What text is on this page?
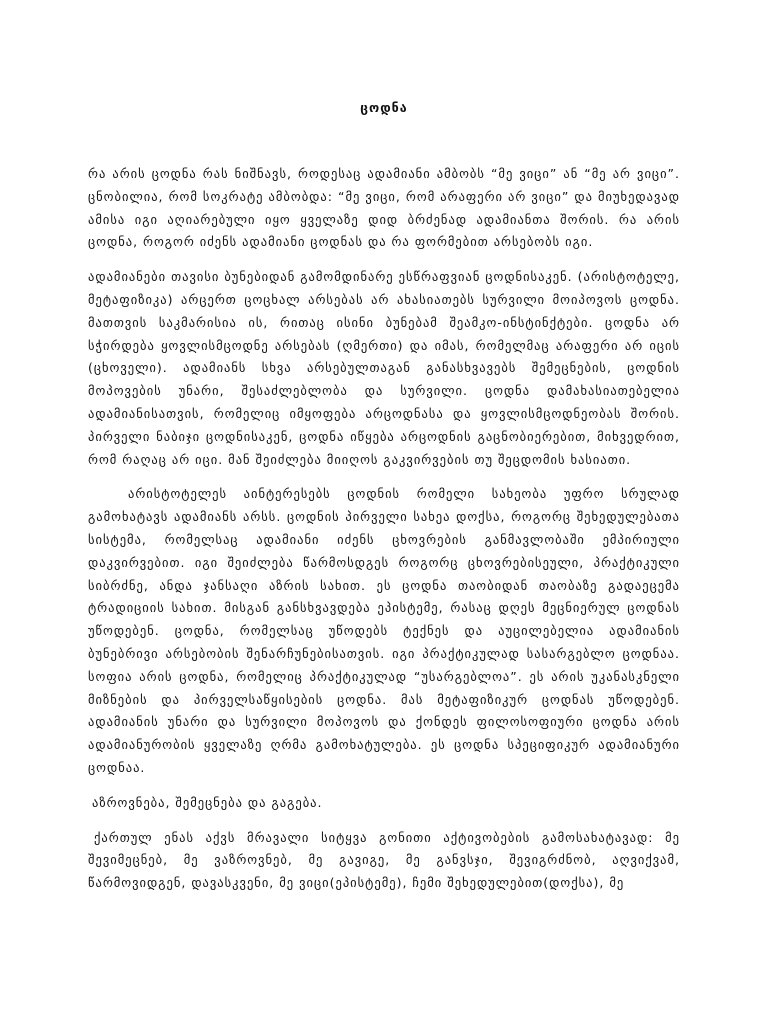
ცოდნა

რა არის ცოდნა რას ნიშნავს, როდესაც ადამიანი ამბობს “მე ვიცი” ან “მე არ ვიცი”. ცნობილია, რომ სოკრატე ამბობდა: “მე ვიცი, რომ არაფერი არ ვიცი” და მიუხედავად ამისა იგი აღიარებული იყო ყველაზე დიდ ბრძენად ადამიანთა შორის. რა არის ცოდნა, როგორ იძენს ადამიანი ცოდნას და რა ფორმებით არსებობს იგი.

ადამიანები თავისი ბუნებიდან გამომდინარე ესწრაფვიან ცოდნისაკენ. (არისტოტელე, მეტაფიზიკა) არცერთ ცოცხალ არსებას არ ახასიათებს სურვილი მოიპოვოს ცოდნა. მათთვის საკმარისია ის, რითაც ისინი ბუნებამ შეამკო-ინსტინქტები. ცოდნა არ სჭირდება ყოვლისმცოდნე არსებას (ღმერთი) და იმას, რომელმაც არაფერი არ იცის (ცხოველი). ადამიანს სხვა არსებულთაგან განასხვავებს შემეცნების, ცოდნის მოპოვების უნარი, შესაძლებლობა და სურვილი. ცოდნა დამახასიათებელია ადამიანისათვის, რომელიც იმყოფება არცოდნასა და ყოვლისმცოდნეობას შორის. პირველი ნაბიჯი ცოდნისაკენ, ცოდნა იწყება არცოდნის გაცნობიერებით, მიხვედრით, რომ რაღაც არ იცი. მან შეიძლება მიიღოს გაკვირვების თუ შეცდომის ხასიათი.

არისტოტელეს აინტერესებს ცოდნის რომელი სახეობა უფრო სრულად გამოხატავს ადამიანს არსს. ცოდნის პირველი სახეა დოქსა, როგორც შეხედულებათა სისტემა, რომელსაც ადამიანი იძენს ცხოვრების განმავლობაში ემპირიული დაკვირვებით. იგი შეიძლება წარმოსდგეს როგორც ცხოვრებისეული, პრაქტიკული სიბრძნე, ანდა ჯანსაღი აზრის სახით. ეს ცოდნა თაობიდან თაობაზე გადაეცემა ტრადიციის სახით. მისგან განსხვავდება ეპისტემე, რასაც დღეს მეცნიერულ ცოდნას უწოდებენ. ცოდნა, რომელსაც უწოდებს ტექნეს და აუცილებელია ადამიანის ბუნებრივი არსებობის შენარჩუნებისათვის. იგი პრაქტიკულად სასარგებლო ცოდნაა. სოფია არის ცოდნა, რომელიც პრაქტიკულად “უსარგებლოა”. ეს არის უკანასკნელი მიზნების და პირველსაწყისების ცოდნა. მას მეტაფიზიკურ ცოდნას უწოდებენ. ადამიანის უნარი და სურვილი მოპოვოს და ქონდეს ფილოსოფიური ცოდნა არის ადამიანურობის ყველაზე ღრმა გამოხატულება. ეს ცოდნა სპეციფიკურ ადამიანური ცოდნაა.

აზროვნება, შემეცნება და გაგება.

ქართულ ენას აქვს მრავალი სიტყვა გონითი აქტივობების გამოსახატავად: მე შევიმეცნებ, მე ვაზროვნებ, მე გავიგე, მე განვსჯი, შევიგრძნობ, აღვიქვამ, წარმოვიდგენ, დავასკვენი, მე ვიცი(ეპისტემე), ჩემი შეხედულებით(დოქსა), მე
